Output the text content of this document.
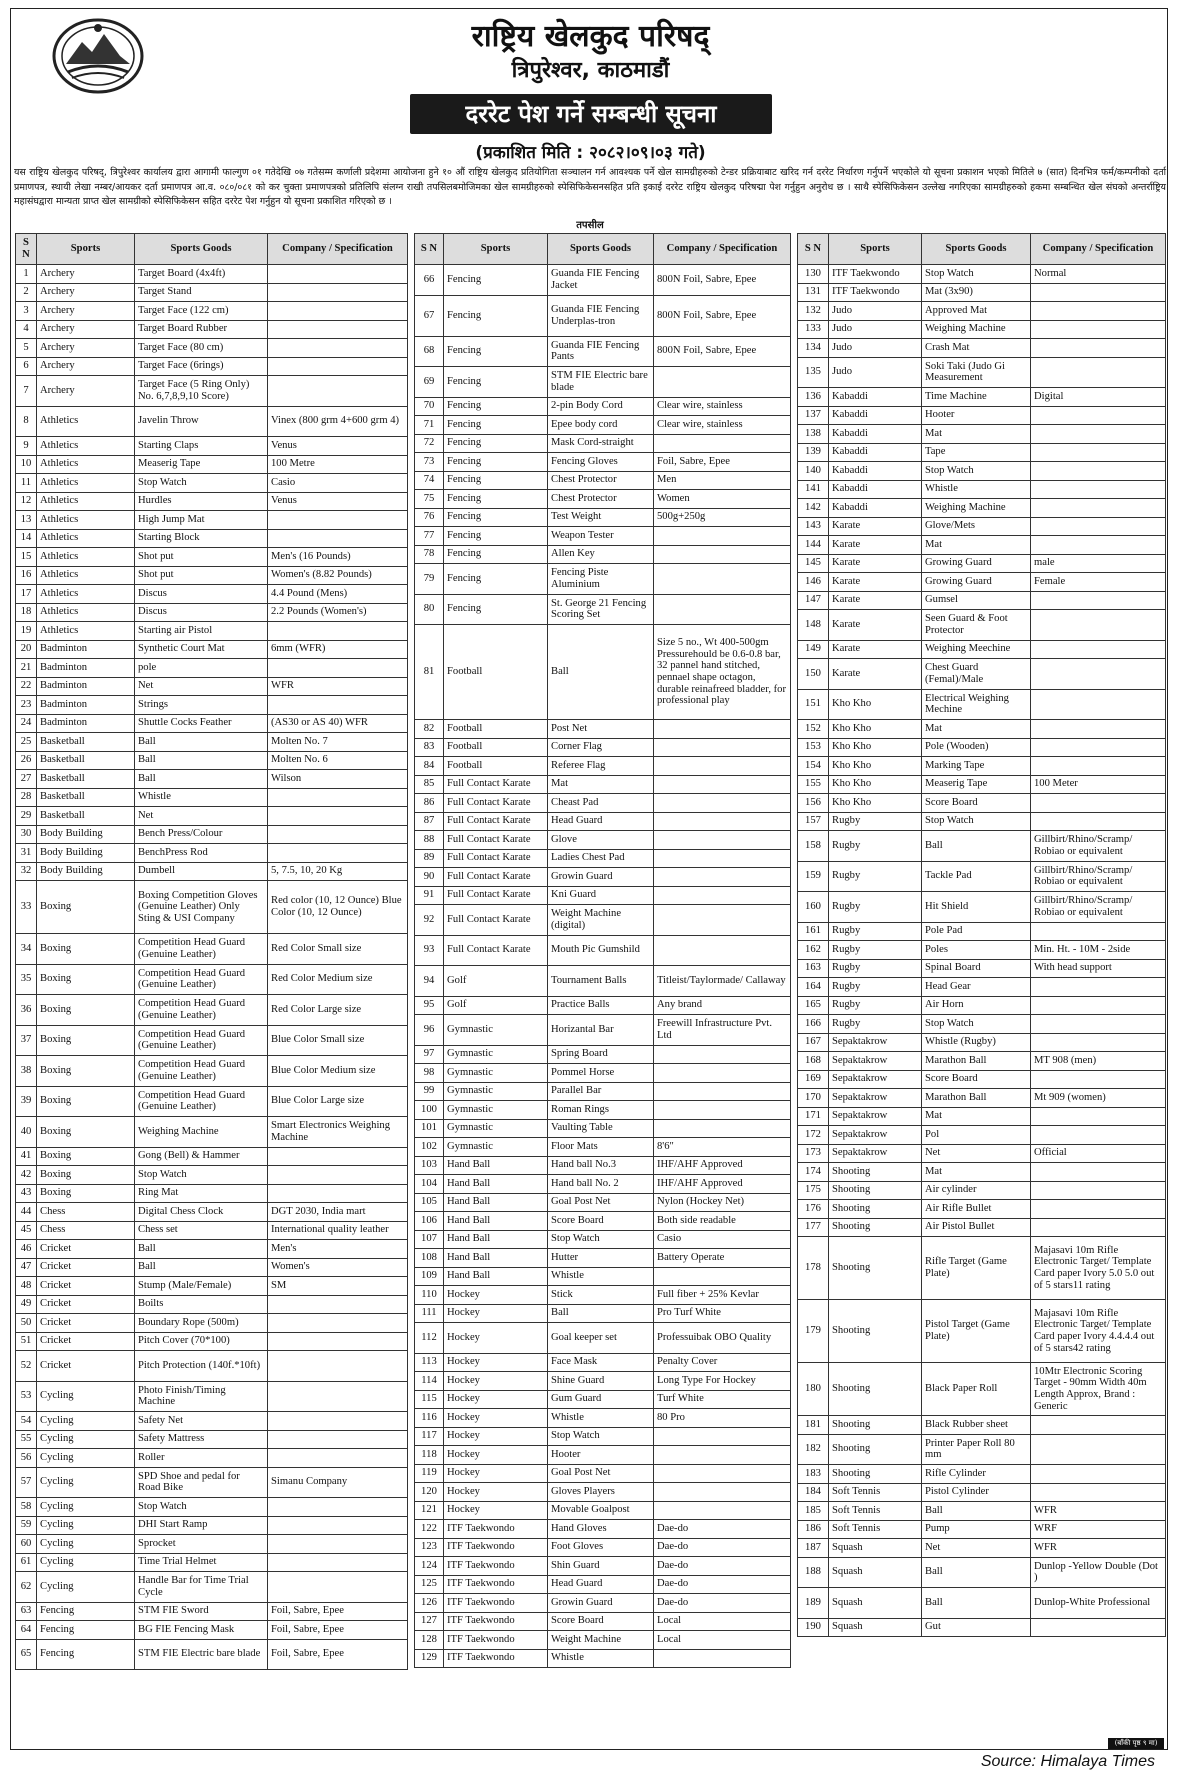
राष्ट्रिय खेलकुद परिषद्
त्रिपुरेश्वर, काठमाडौं
दररेट पेश गर्ने सम्बन्धी सूचना
(प्रकाशित मिति : २०८२।०९।०३ गते)
यस राष्ट्रिय खेलकुद परिषद्, त्रिपुरेश्वर कार्यालय द्वारा आगामी फाल्गुण ०१ गतेदेखि ०७ गतेसम्म कर्णाली प्रदेशमा आयोजना हुने १० औं राष्ट्रिय खेलकुद प्रतियोगिता सञ्चालन गर्न आवश्यक पर्ने खेल सामग्रीहरुको टेन्डर प्रक्रियाबाट खरिद गर्न दररेट निर्धारण गर्नुपर्ने भएकोले यो सूचना प्रकाशन भएको मितिले ७ (सात) दिनभित्र फर्म/कम्पनीको दर्ता प्रमाणपत्र, स्थायी लेखा नम्बर/आयकर दर्ता प्रमाणपत्र आ.व. ०८०/०८१ को कर चुक्ता प्रमाणपत्रको प्रतिलिपि संलग्न राखी तपसिलबमोजिमका खेल सामग्रीहरुको स्पेसिफिकेसनसहित प्रति इकाई दररेट राष्ट्रिय खेलकुद परिषद्मा पेश गर्नुहुन अनुरोध छ । साथै स्पेसिफिकेसन उल्लेख नगरिएका सामग्रीहरुको हकमा सम्बन्धित खेल संघको अन्तर्राष्ट्रिय महासंघद्वारा मान्यता प्राप्त खेल सामग्रीको स्पेसिफिकेसन सहित दररेट पेश गर्नुहुन यो सूचना प्रकाशित गरिएको छ ।
तपसील
S N	Sports	Sports Goods	Company / Specification
1	Archery	Target Board (4x4ft)	
2	Archery	Target Stand	
3	Archery	Target Face (122 cm)	
4	Archery	Target Board Rubber	
5	Archery	Target Face (80 cm)	
6	Archery	Target Face (6rings)	
7	Archery	Target Face (5 Ring Only) No. 6,7,8,9,10 Score)	
8	Athletics	Javelin Throw	Vinex (800 grm 4+600 grm 4)
9	Athletics	Starting Claps	Venus
10	Athletics	Measerig Tape	100 Metre
11	Athletics	Stop Watch	Casio
12	Athletics	Hurdles	Venus
13	Athletics	High Jump Mat	
14	Athletics	Starting Block	
15	Athletics	Shot put	Men's (16 Pounds)
16	Athletics	Shot put	Women's (8.82 Pounds)
17	Athletics	Discus	4.4 Pound (Mens)
18	Athletics	Discus	2.2 Pounds (Women's)
19	Athletics	Starting air Pistol	
20	Badminton	Synthetic Court Mat	6mm (WFR)
21	Badminton	pole	
22	Badminton	Net	WFR
23	Badminton	Strings	
24	Badminton	Shuttle Cocks Feather	(AS30 or AS 40) WFR
25	Basketball	Ball	Molten No. 7
26	Basketball	Ball	Molten No. 6
27	Basketball	Ball	Wilson
28	Basketball	Whistle	
29	Basketball	Net	
30	Body Building	Bench Press/Colour	
31	Body Building	BenchPress Rod	
32	Body Building	Dumbell	5, 7.5, 10, 20 Kg
33	Boxing	Boxing Competition Gloves (Genuine Leather) Only Sting & USI Company	Red color (10, 12 Ounce) Blue Color (10, 12 Ounce)
34	Boxing	Competition Head Guard (Genuine Leather)	Red Color Small size
35	Boxing	Competition Head Guard (Genuine Leather)	Red Color Medium size
36	Boxing	Competition Head Guard (Genuine Leather)	Red Color Large size
37	Boxing	Competition Head Guard (Genuine Leather)	Blue Color Small size
38	Boxing	Competition Head Guard (Genuine Leather)	Blue Color Medium size
39	Boxing	Competition Head Guard (Genuine Leather)	Blue Color Large size
40	Boxing	Weighing Machine	Smart Electronics Weighing Machine
41	Boxing	Gong (Bell) & Hammer	
42	Boxing	Stop Watch	
43	Boxing	Ring Mat	
44	Chess	Digital Chess Clock	DGT 2030, India mart
45	Chess	Chess set	International quality leather
46	Cricket	Ball	Men's
47	Cricket	Ball	Women's
48	Cricket	Stump (Male/Female)	SM
49	Cricket	Boilts	
50	Cricket	Boundary Rope (500m)	
51	Cricket	Pitch Cover (70*100)	
52	Cricket	Pitch Protection (140f.*10ft)	
53	Cycling	Photo Finish/Timing Machine	
54	Cycling	Safety Net	
55	Cycling	Safety Mattress	
56	Cycling	Roller	
57	Cycling	SPD Shoe and pedal for Road Bike	Simanu Company
58	Cycling	Stop Watch	
59	Cycling	DHI Start Ramp	
60	Cycling	Sprocket	
61	Cycling	Time Trial Helmet	
62	Cycling	Handle Bar for Time Trial Cycle	
63	Fencing	STM FIE Sword	Foil, Sabre, Epee
64	Fencing	BG FIE Fencing Mask	Foil, Sabre, Epee
65	Fencing	STM FIE Electric bare blade	Foil, Sabre, Epee
S N	Sports	Sports Goods	Company / Specification
66	Fencing	Guanda FIE Fencing Jacket	800N Foil, Sabre, Epee
67	Fencing	Guanda FIE Fencing Underplas-tron	800N Foil, Sabre, Epee
68	Fencing	Guanda FIE Fencing Pants	800N Foil, Sabre, Epee
69	Fencing	STM FIE Electric bare blade	
70	Fencing	2-pin Body Cord	Clear wire, stainless
71	Fencing	Epee body cord	Clear wire, stainless
72	Fencing	Mask Cord-straight	
73	Fencing	Fencing Gloves	Foil, Sabre, Epee
74	Fencing	Chest Protector	Men
75	Fencing	Chest Protector	Women
76	Fencing	Test Weight	500g+250g
77	Fencing	Weapon Tester	
78	Fencing	Allen Key	
79	Fencing	Fencing Piste Aluminium	
80	Fencing	St. George 21 Fencing Scoring Set	
81	Football	Ball	Size 5 no., Wt 400-500gm Pressurehould be 0.6-0.8 bar, 32 pannel hand stitched, pennael shape octagon, durable reinafreed bladder, for professional play
82	Football	Post Net	
83	Football	Corner Flag	
84	Football	Referee Flag	
85	Full Contact Karate	Mat	
86	Full Contact Karate	Cheast Pad	
87	Full Contact Karate	Head Guard	
88	Full Contact Karate	Glove	
89	Full Contact Karate	Ladies Chest Pad	
90	Full Contact Karate	Growin Guard	
91	Full Contact Karate	Kni Guard	
92	Full Contact Karate	Weight Machine (digital)	
93	Full Contact Karate	Mouth Pic Gumshild	
94	Golf	Tournament Balls	Titleist/Taylormade/ Callaway
95	Golf	Practice Balls	Any brand
96	Gymnastic	Horizantal Bar	Freewill Infrastructure Pvt. Ltd
97	Gymnastic	Spring Board	
98	Gymnastic	Pommel Horse	
99	Gymnastic	Parallel Bar	
100	Gymnastic	Roman Rings	
101	Gymnastic	Vaulting Table	
102	Gymnastic	Floor Mats	8'6"
103	Hand Ball	Hand ball No.3	IHF/AHF Approved
104	Hand Ball	Hand ball No. 2	IHF/AHF Approved
105	Hand Ball	Goal Post Net	Nylon (Hockey Net)
106	Hand Ball	Score Board	Both side readable
107	Hand Ball	Stop Watch	Casio
108	Hand Ball	Hutter	Battery Operate
109	Hand Ball	Whistle	
110	Hockey	Stick	Full fiber + 25% Kevlar
111	Hockey	Ball	Pro Turf White
112	Hockey	Goal keeper set	Professuibak OBO Quality
113	Hockey	Face Mask	Penalty Cover
114	Hockey	Shine Guard	Long Type For Hockey
115	Hockey	Gum Guard	Turf White
116	Hockey	Whistle	80 Pro
117	Hockey	Stop Watch	
118	Hockey	Hooter	
119	Hockey	Goal Post Net	
120	Hockey	Gloves Players	
121	Hockey	Movable Goalpost	
122	ITF Taekwondo	Hand Gloves	Dae-do
123	ITF Taekwondo	Foot Gloves	Dae-do
124	ITF Taekwondo	Shin Guard	Dae-do
125	ITF Taekwondo	Head Guard	Dae-do
126	ITF Taekwondo	Growin Guard	Dae-do
127	ITF Taekwondo	Score Board	Local
128	ITF Taekwondo	Weight Machine	Local
129	ITF Taekwondo	Whistle	
S N	Sports	Sports Goods	Company / Specification
130	ITF Taekwondo	Stop Watch	Normal
131	ITF Taekwondo	Mat (3x90)	
132	Judo	Approved Mat	
133	Judo	Weighing Machine	
134	Judo	Crash Mat	
135	Judo	Soki Taki (Judo Gi Measurement	
136	Kabaddi	Time Machine	Digital
137	Kabaddi	Hooter	
138	Kabaddi	Mat	
139	Kabaddi	Tape	
140	Kabaddi	Stop Watch	
141	Kabaddi	Whistle	
142	Kabaddi	Weighing Machine	
143	Karate	Glove/Mets	
144	Karate	Mat	
145	Karate	Growing Guard	male
146	Karate	Growing Guard	Female
147	Karate	Gumsel	
148	Karate	Seen Guard & Foot Protector	
149	Karate	Weighing Meechine	
150	Karate	Chest Guard (Femal)/Male	
151	Kho Kho	Electrical Weighing Mechine	
152	Kho Kho	Mat	
153	Kho Kho	Pole (Wooden)	
154	Kho Kho	Marking Tape	
155	Kho Kho	Measerig Tape	100 Meter
156	Kho Kho	Score Board	
157	Rugby	Stop Watch	
158	Rugby	Ball	Gillbirt/Rhino/Scramp/ Robiao or equivalent
159	Rugby	Tackle Pad	Gillbirt/Rhino/Scramp/ Robiao or equivalent
160	Rugby	Hit Shield	Gillbirt/Rhino/Scramp/ Robiao or equivalent
161	Rugby	Pole Pad	
162	Rugby	Poles	Min. Ht. - 10M - 2side
163	Rugby	Spinal Board	With head support
164	Rugby	Head Gear	
165	Rugby	Air Horn	
166	Rugby	Stop Watch	
167	Sepaktakrow	Whistle (Rugby)	
168	Sepaktakrow	Marathon Ball	MT 908 (men)
169	Sepaktakrow	Score Board	
170	Sepaktakrow	Marathon Ball	Mt 909 (women)
171	Sepaktakrow	Mat	
172	Sepaktakrow	Pol	
173	Sepaktakrow	Net	Official
174	Shooting	Mat	
175	Shooting	Air cylinder	
176	Shooting	Air Rifle Bullet	
177	Shooting	Air Pistol Bullet	
178	Shooting	Rifle Target (Game Plate)	Majasavi 10m Rifle Electronic Target/ Template Card paper Ivory 5.0 5.0 out of 5 stars11 rating
179	Shooting	Pistol Target (Game Plate)	Majasavi 10m Rifle Electronic Target/ Template Card paper Ivory 4.4.4.4 out of 5 stars42 rating
180	Shooting	Black Paper Roll	10Mtr Electronic Scoring Target - 90mm Width 40m Length Approx, Brand : Generic
181	Shooting	Black Rubber sheet	
182	Shooting	Printer Paper Roll 80 mm	
183	Shooting	Rifle Cylinder	
184	Soft Tennis	Pistol Cylinder	
185	Soft Tennis	Ball	WFR
186	Soft Tennis	Pump	WRF
187	Squash	Net	WFR
188	Squash	Ball	Dunlop -Yellow Double (Dot )
189	Squash	Ball	Dunlop-White Professional
190	Squash	Gut	
(बाँकी पृष्ठ ९ मा)
Source: Himalaya Times
